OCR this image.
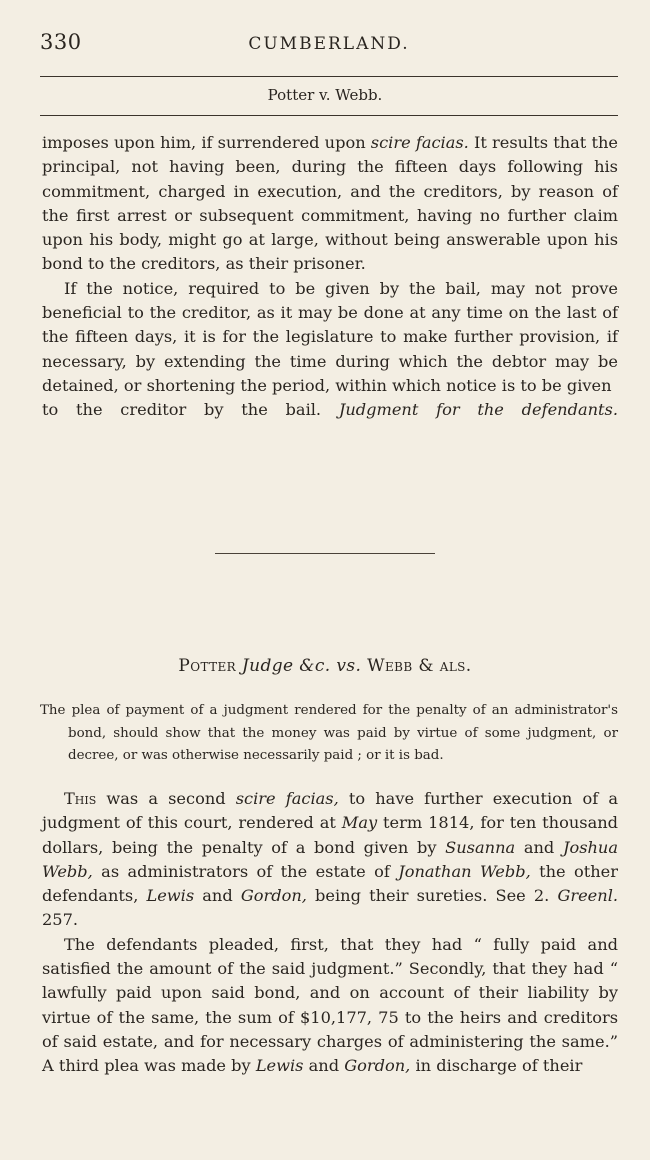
330	CUMBERLAND.
Potter v. Webb.

imposes upon him, if surrendered upon scire facias. It results that the principal, not having been, during the fifteen days following his commitment, charged in execution, and the creditors, by reason of the first arrest or subsequent commitment, having no further claim upon his body, might go at large, without being answerable upon his bond to the creditors, as their prisoner.

If the notice, required to be given by the bail, may not prove beneficial to the creditor, as it may be done at any time on the last of the fifteen days, it is for the legislature to make further provision, if necessary, by extending the time during which the debtor may be detained, or shortening the period, within which notice is to be given

to the creditor by the bail. Judgment for the defendants.

Potter Judge &c. vs. Webb & als.

The plea of payment of a judgment rendered for the penalty of an administrator's bond, should show that the money was paid by virtue of some judgment, or decree, or was otherwise necessarily paid ; or it is bad.

This was a second scire facias, to have further execution of a judgment of this court, rendered at May term 1814, for ten thousand dollars, being the penalty of a bond given by Susanna and Joshua Webb, as administrators of the estate of Jonathan Webb, the other defendants, Lewis and Gordon, being their sureties. See 2. Greenl. 257.

The defendants pleaded, first, that they had “ fully paid and satisfied the amount of the said judgment.” Secondly, that they had “ lawfully paid upon said bond, and on account of their liability by virtue of the same, the sum of $10,177, 75 to the heirs and creditors of said estate, and for necessary charges of administering the same.” A third plea was made by Lewis and Gordon, in discharge of their
